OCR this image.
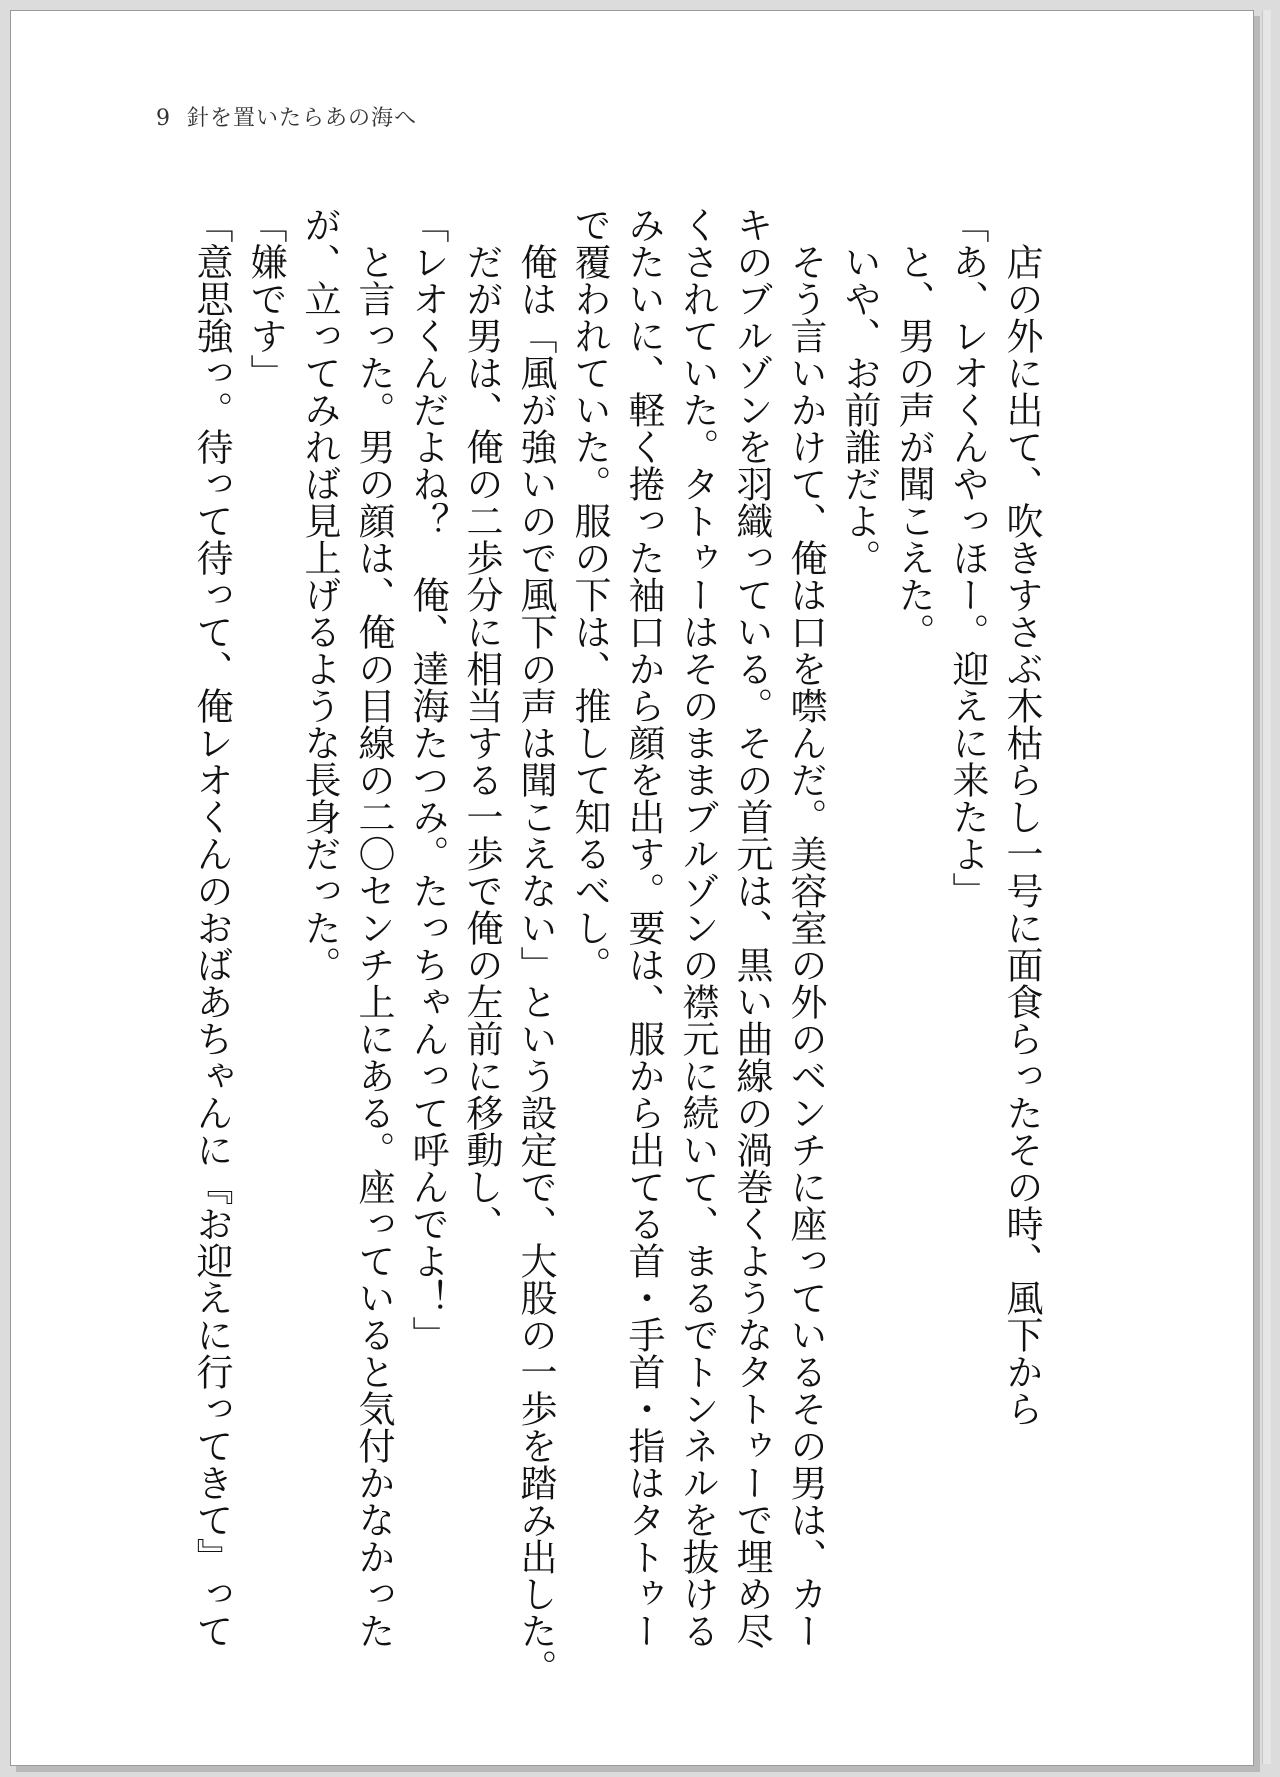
9 針を置いたらあの海へ
　店の外に出て、吹きすさぶ木枯らし一号に面食らったその時、風下から
「あ、レオくんやっほー。迎えに来たよ」
　と、男の声が聞こえた。
　いや、お前誰だよ。
　そう言いかけて、俺は口を噤んだ。美容室の外のベンチに座っているその男は、カー
キのブルゾンを羽織っている。その首元は、黒い曲線の渦巻くようなタトゥーで埋め尽
くされていた。タトゥーはそのままブルゾンの襟元に続いて、まるでトンネルを抜ける
みたいに、軽く捲った袖口から顔を出す。要は、服から出てる首・手首・指はタトゥー
で覆われていた。服の下は、推して知るべし。
　俺は「風が強いので風下の声は聞こえない」という設定で、大股の一歩を踏み出した。
　だが男は、俺の二歩分に相当する一歩で俺の左前に移動し、
「レオくんだよね？　俺、達海たつみ。たっちゃんって呼んでよ！」
　と言った。男の顔は、俺の目線の二〇センチ上にある。座っていると気付かなかった
が、立ってみれば見上げるような長身だった。
「嫌です」
「意思強っ。待って待って、俺レオくんのおばあちゃんに『お迎えに行ってきて』って
